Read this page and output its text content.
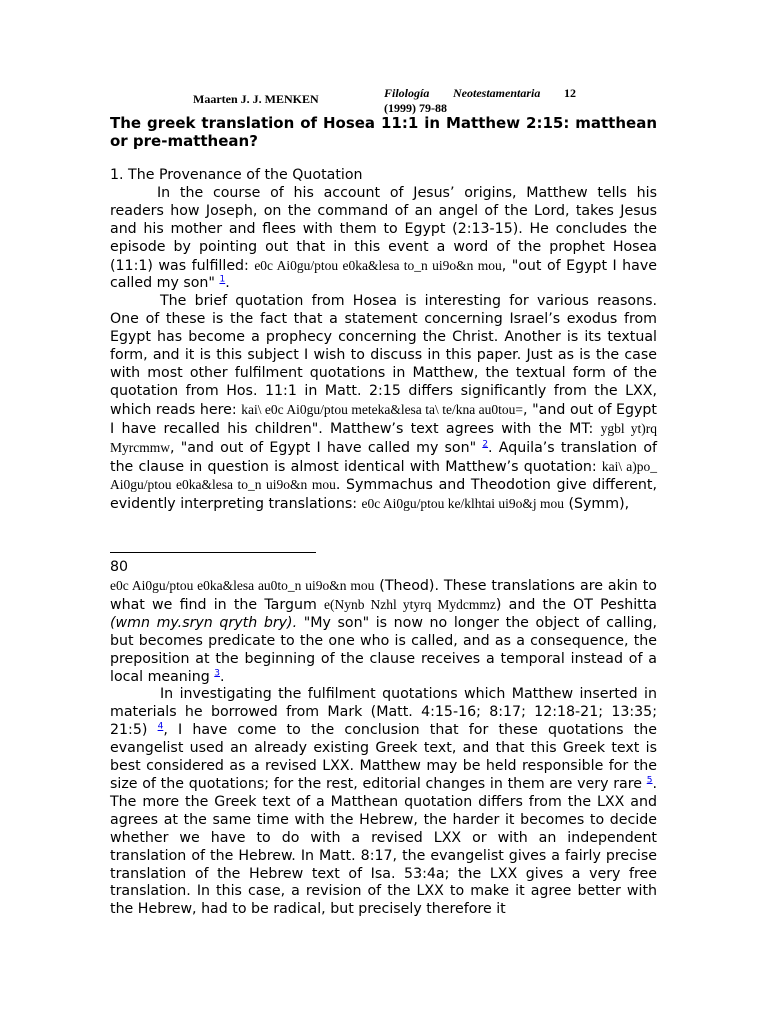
Maarten J. J. MENKEN	Filología Neotestamentaria 12
(1999) 79-88
The greek translation of Hosea 11:1 in Matthew 2:15: matthean or pre-matthean?

1. The Provenance of the Quotation

In the course of his account of Jesus’ origins, Matthew tells his readers how Joseph, on the command of an angel of the Lord, takes Jesus and his mother and flees with them to Egypt (2:13-15). He concludes the episode by pointing out that in this event a word of the prophet Hosea (11:1) was fulfilled: e0c Ai0gu/ptou e0ka&lesa to_n ui9o&n mou, "out of Egypt I have called my son" $^1$.

The brief quotation from Hosea is interesting for various reasons. One of these is the fact that a statement concerning Israel’s exodus from Egypt has become a prophecy concerning the Christ. Another is its textual form, and it is this subject I wish to discuss in this paper. Just as is the case with most other fulfilment quotations in Matthew, the textual form of the quotation from Hos. 11:1 in Matt. 2:15 differs significantly from the LXX, which reads here: kai\ e0c Ai0gu/ptou meteka&lesa ta\ te/kna au0tou=, "and out of Egypt I have recalled his children". Matthew’s text agrees with the MT: ygbl yt)rq Myrcmmw, "and out of Egypt I have called my son" $^2$. Aquila’s translation of the clause in question is almost identical with Matthew’s quotation: kai\ a)po_ Ai0gu/ptou e0ka&lesa to_n ui9o&n mou. Symmachus and Theodotion give different, evidently interpreting translations: e0c Ai0gu/ptou ke/klhtai ui9o&j mou (Symm),

80

e0c Ai0gu/ptou e0ka&lesa au0to_n ui9o&n mou (Theod). These translations are akin to what we find in the Targum e(Nynb Nzhl ytyrq Mydcmmz) and the OT Peshitta (wmn my.sryn qryth bry). "My son" is now no longer the object of calling, but becomes predicate to the one who is called, and as a consequence, the preposition at the beginning of the clause receives a temporal instead of a local meaning $^3$.

In investigating the fulfilment quotations which Matthew inserted in materials he borrowed from Mark (Matt. 4:15-16; 8:17; 12:18-21; 13:35; 21:5) $^4$, I have come to the conclusion that for these quotations the evangelist used an already existing Greek text, and that this Greek text is best considered as a revised LXX. Matthew may be held responsible for the size of the quotations; for the rest, editorial changes in them are very rare $^5$. The more the Greek text of a Matthean quotation differs from the LXX and agrees at the same time with the Hebrew, the harder it becomes to decide whether we have to do with a revised LXX or with an independent translation of the Hebrew. In Matt. 8:17, the evangelist gives a fairly precise translation of the Hebrew text of Isa. 53:4a; the LXX gives a very free translation. In this case, a revision of the LXX to make it agree better with the Hebrew, had to be radical, but precisely therefore it
